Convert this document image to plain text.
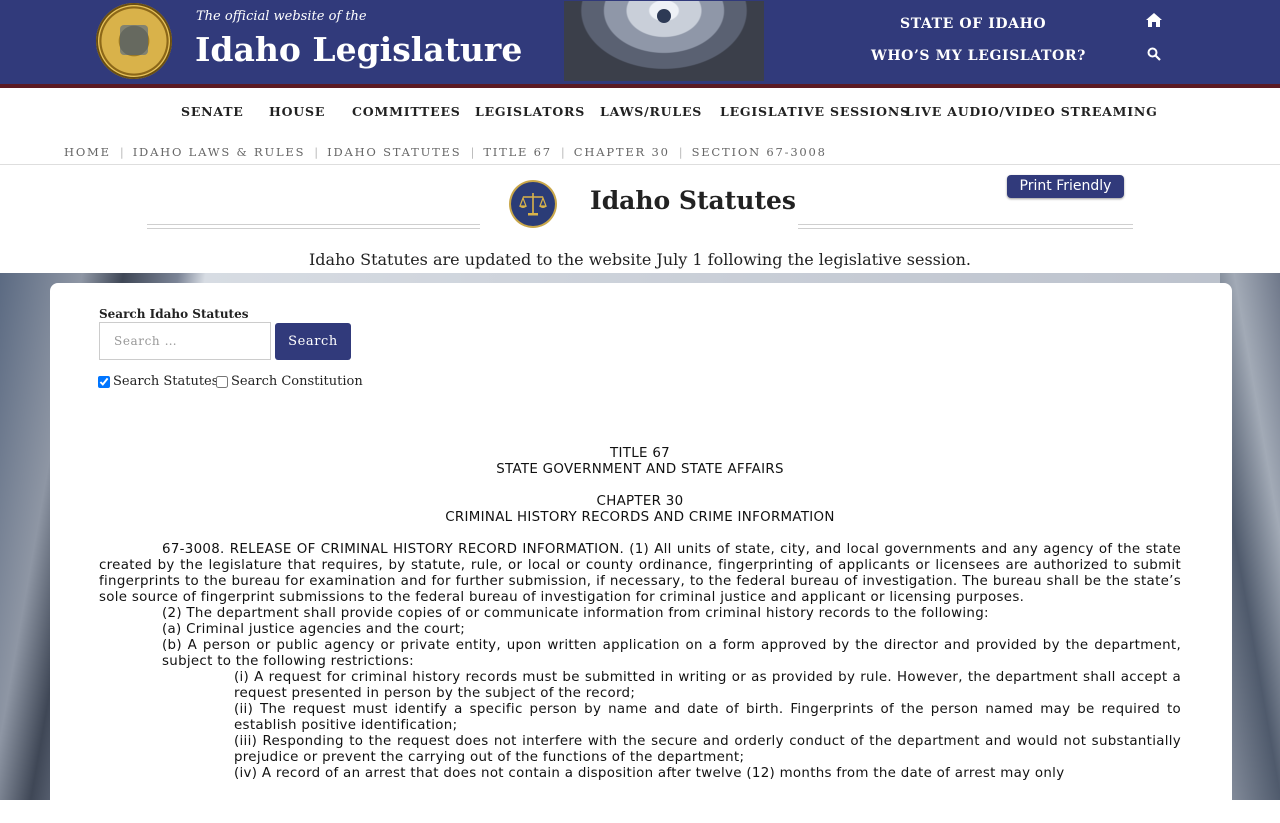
The official website of the
Idaho Legislature
STATE OF IDAHO
WHO’S MY LEGISLATOR?
SENATE HOUSE COMMITTEES LEGISLATORS LAWS/RULES LEGISLATIVE SESSIONS
LIVE AUDIO/VIDEO STREAMING
HOME | IDAHO LAWS & RULES | IDAHO STATUTES | TITLE 67 | CHAPTER 30 | SECTION 67-3008
Idaho Statutes	Print Friendly
Idaho Statutes are updated to the website July 1 following the legislative session.
Search Idaho Statutes
Search …
Search
Search Statutes Search Constitution
TITLE 67
STATE GOVERNMENT AND STATE AFFAIRS
CHAPTER 30
CRIMINAL HISTORY RECORDS AND CRIME INFORMATION

67-3008. RELEASE OF CRIMINAL HISTORY RECORD INFORMATION. (1) All units of state, city, and local governments and any agency of the state created by the legislature that requires, by statute, rule, or local or county ordinance, fingerprinting of applicants or licensees are authorized to submit fingerprints to the bureau for examination and for further submission, if necessary, to the federal bureau of investigation. The bureau shall be the state’s sole source of fingerprint submissions to the federal bureau of investigation for criminal justice and applicant or licensing purposes.

(2) The department shall provide copies of or communicate information from criminal history records to the following:

(a) Criminal justice agencies and the court;

(b) A person or public agency or private entity, upon written application on a form approved by the director and provided by the department, subject to the following restrictions:

(i) A request for criminal history records must be submitted in writing or as provided by rule. However, the department shall accept a request presented in person by the subject of the record;

(ii) The request must identify a specific person by name and date of birth. Fingerprints of the person named may be required to establish positive identification;

(iii) Responding to the request does not interfere with the secure and orderly conduct of the department and would not substantially prejudice or prevent the carrying out of the functions of the department;

(iv) A record of an arrest that does not contain a disposition after twelve (12) months from the date of arrest may only
